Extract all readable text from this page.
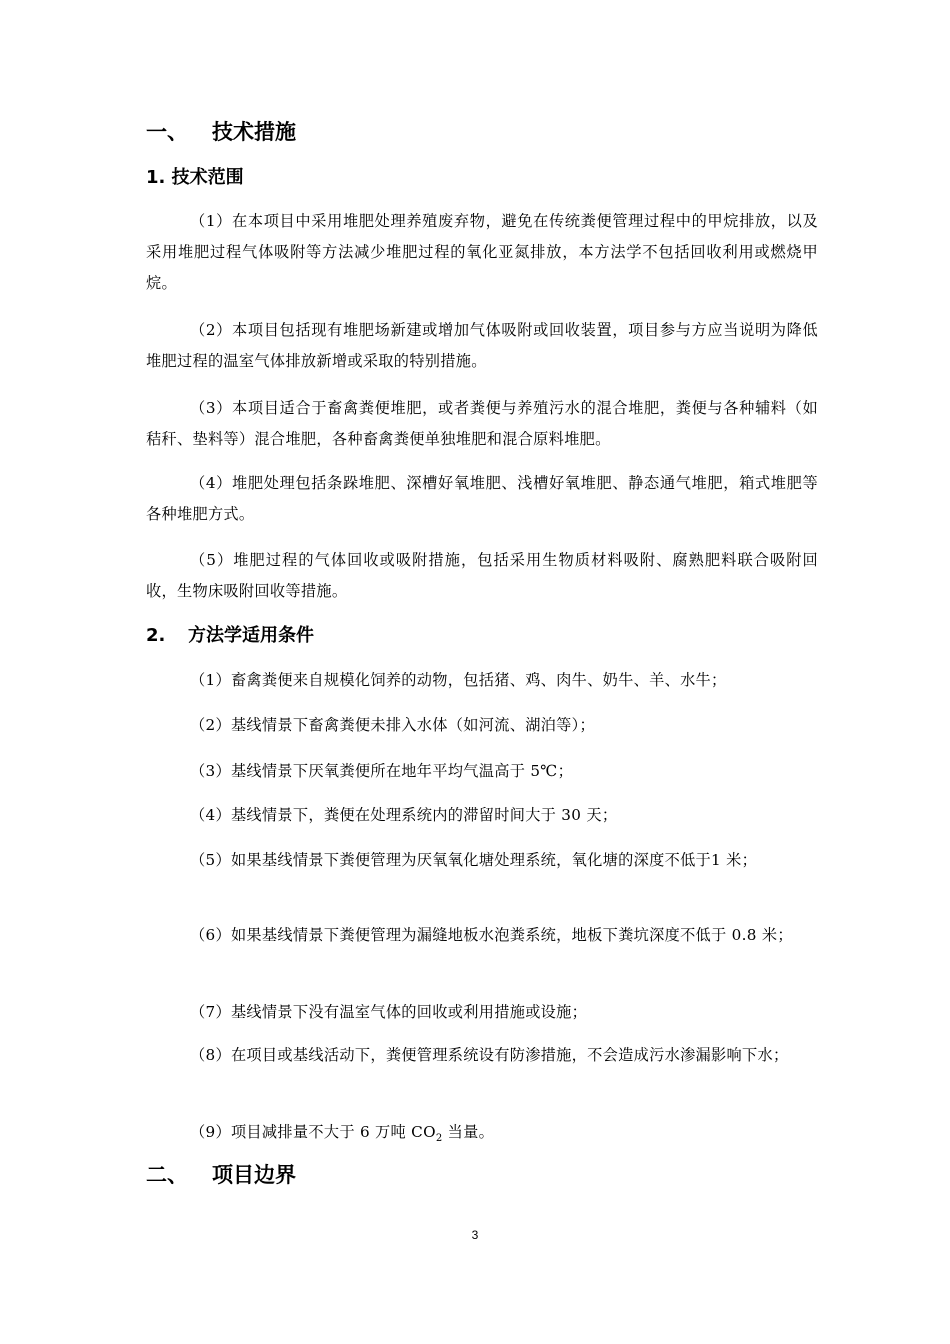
一、 技术措施
1. 技术范围
（1）在本项目中采用堆肥处理养殖废弃物，避免在传统粪便管理过程中的甲烷排放，以及采用堆肥过程气体吸附等方法减少堆肥过程的氧化亚氮排放，本方法学不包括回收利用或燃烧甲烷。
（2）本项目包括现有堆肥场新建或增加气体吸附或回收装置，项目参与方应当说明为降低堆肥过程的温室气体排放新增或采取的特别措施。
（3）本项目适合于畜禽粪便堆肥，或者粪便与养殖污水的混合堆肥，粪便与各种辅料（如秸秆、垫料等）混合堆肥，各种畜禽粪便单独堆肥和混合原料堆肥。
（4）堆肥处理包括条跺堆肥、深槽好氧堆肥、浅槽好氧堆肥、静态通气堆肥，箱式堆肥等各种堆肥方式。
（5）堆肥过程的气体回收或吸附措施，包括采用生物质材料吸附、腐熟肥料联合吸附回收，生物床吸附回收等措施。
2. 方法学适用条件
（1）畜禽粪便来自规模化饲养的动物，包括猪、鸡、肉牛、奶牛、羊、水牛；
（2）基线情景下畜禽粪便未排入水体（如河流、湖泊等）；
（3）基线情景下厌氧粪便所在地年平均气温高于 5℃；
（4）基线情景下，粪便在处理系统内的滞留时间大于 30 天；
（5）如果基线情景下粪便管理为厌氧氧化塘处理系统，氧化塘的深度不低于1 米；
（6）如果基线情景下粪便管理为漏缝地板水泡粪系统，地板下粪坑深度不低于 0.8 米；
（7）基线情景下没有温室气体的回收或利用措施或设施；
（8）在项目或基线活动下，粪便管理系统设有防渗措施，不会造成污水渗漏影响下水；
（9）项目减排量不大于 6 万吨 $CO_2$ 当量。
二、 项目边界
3
